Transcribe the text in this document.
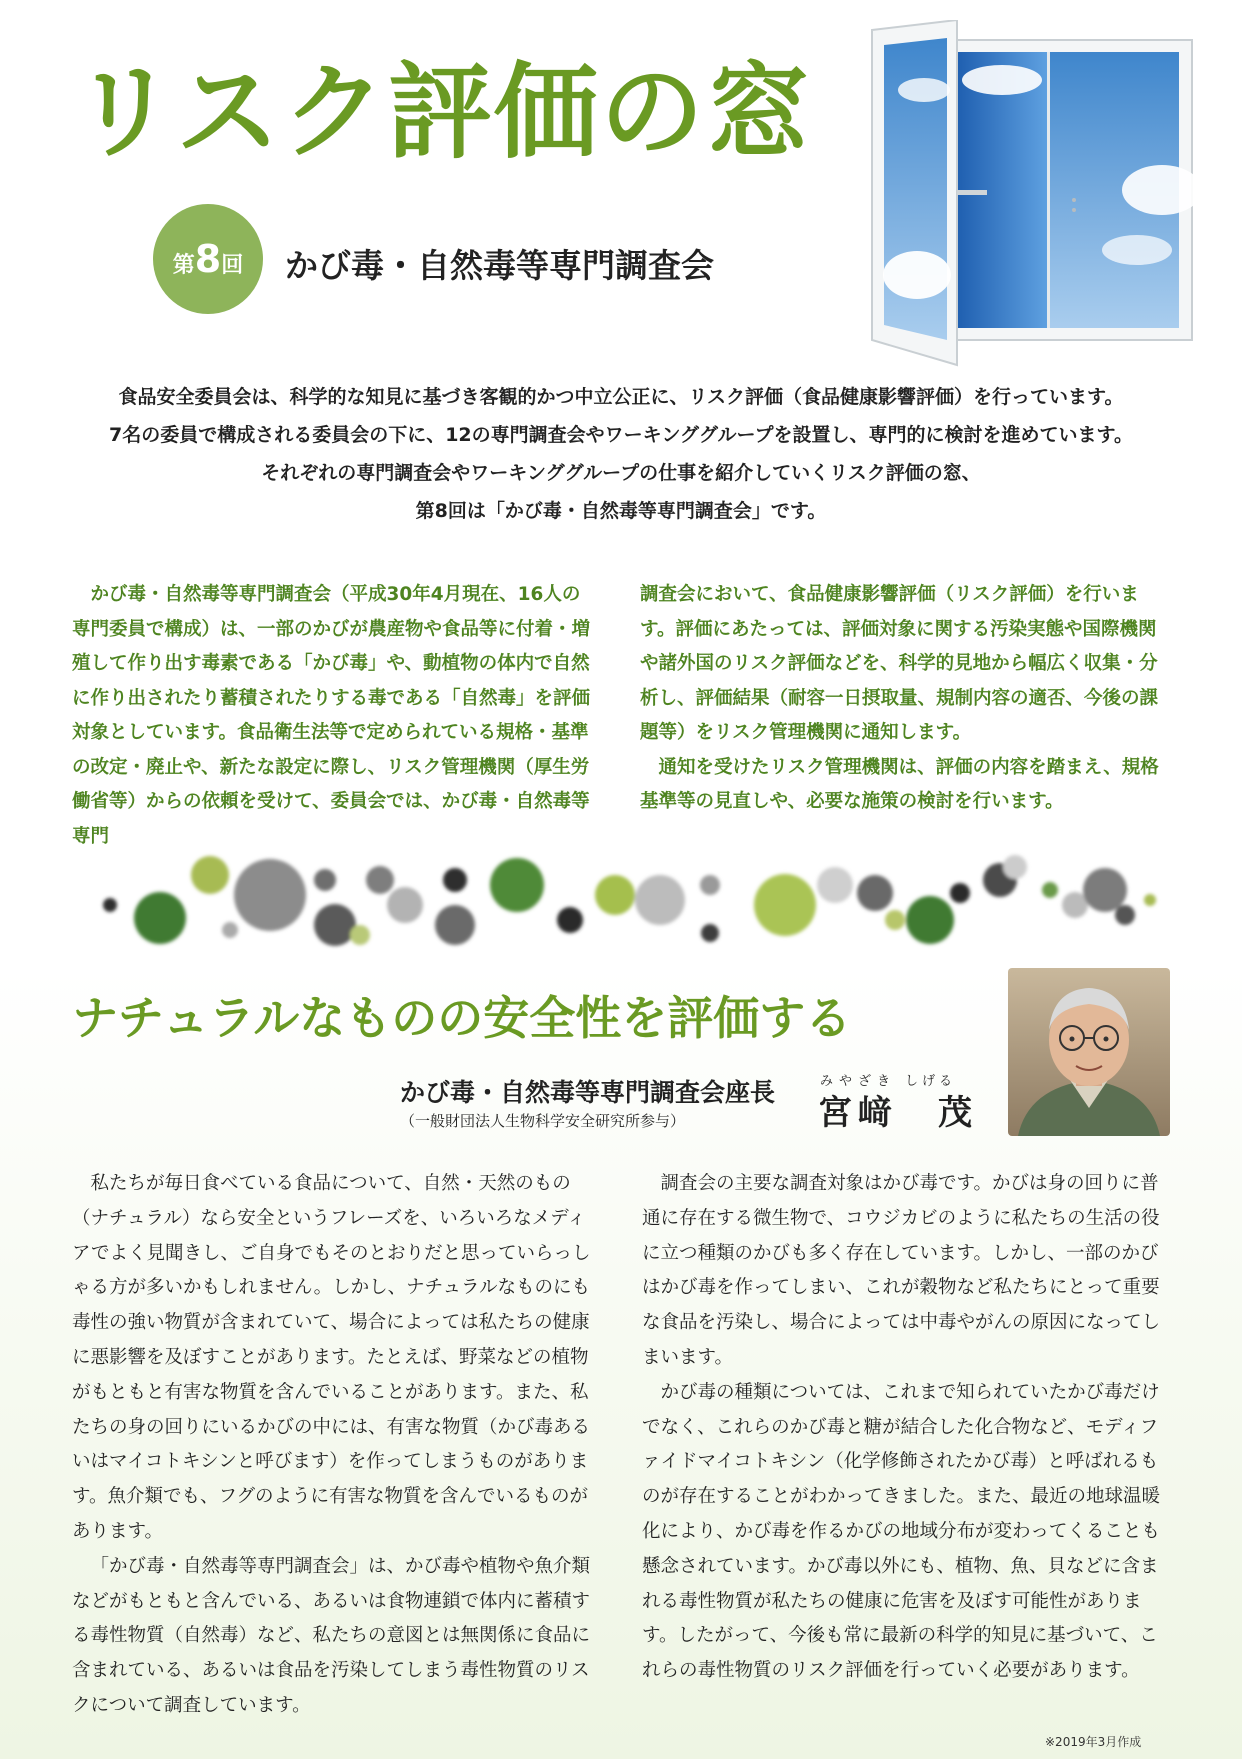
リスク評価の窓
第8回	かび毒・自然毒等専門調査会
食品安全委員会は、科学的な知見に基づき客観的かつ中立公正に、リスク評価（食品健康影響評価）を行っています。
7名の委員で構成される委員会の下に、12の専門調査会やワーキンググループを設置し、専門的に検討を進めています。
それぞれの専門調査会やワーキンググループの仕事を紹介していくリスク評価の窓、
第8回は「かび毒・自然毒等専門調査会」です。

かび毒・自然毒等専門調査会（平成30年4月現在、16人の専門委員で構成）は、一部のかびが農産物や食品等に付着・増殖して作り出す毒素である「かび毒」や、動植物の体内で自然に作り出されたり蓄積されたりする毒である「自然毒」を評価対象としています。食品衛生法等で定められている規格・基準の改定・廃止や、新たな設定に際し、リスク管理機関（厚生労働省等）からの依頼を受けて、委員会では、かび毒・自然毒等専門

調査会において、食品健康影響評価（リスク評価）を行います。評価にあたっては、評価対象に関する汚染実態や国際機関や諸外国のリスク評価などを、科学的見地から幅広く収集・分析し、評価結果（耐容一日摂取量、規制内容の適否、今後の課題等）をリスク管理機関に通知します。

通知を受けたリスク管理機関は、評価の内容を踏まえ、規格基準等の見直しや、必要な施策の検討を行います。

ナチュラルなものの安全性を評価する
かび毒・自然毒等専門調査会座長
（一般財団法人生物科学安全研究所参与）
みやざき しげる
宮﨑　茂

私たちが毎日食べている食品について、自然・天然のもの（ナチュラル）なら安全というフレーズを、いろいろなメディアでよく見聞きし、ご自身でもそのとおりだと思っていらっしゃる方が多いかもしれません。しかし、ナチュラルなものにも毒性の強い物質が含まれていて、場合によっては私たちの健康に悪影響を及ぼすことがあります。たとえば、野菜などの植物がもともと有害な物質を含んでいることがあります。また、私たちの身の回りにいるかびの中には、有害な物質（かび毒あるいはマイコトキシンと呼びます）を作ってしまうものがあります。魚介類でも、フグのように有害な物質を含んでいるものがあります。

「かび毒・自然毒等専門調査会」は、かび毒や植物や魚介類などがもともと含んでいる、あるいは食物連鎖で体内に蓄積する毒性物質（自然毒）など、私たちの意図とは無関係に食品に含まれている、あるいは食品を汚染してしまう毒性物質のリスクについて調査しています。

調査会の主要な調査対象はかび毒です。かびは身の回りに普通に存在する微生物で、コウジカビのように私たちの生活の役に立つ種類のかびも多く存在しています。しかし、一部のかびはかび毒を作ってしまい、これが穀物など私たちにとって重要な食品を汚染し、場合によっては中毒やがんの原因になってしまいます。

かび毒の種類については、これまで知られていたかび毒だけでなく、これらのかび毒と糖が結合した化合物など、モディファイドマイコトキシン（化学修飾されたかび毒）と呼ばれるものが存在することがわかってきました。また、最近の地球温暖化により、かび毒を作るかびの地域分布が変わってくることも懸念されています。かび毒以外にも、植物、魚、貝などに含まれる毒性物質が私たちの健康に危害を及ぼす可能性があります。したがって、今後も常に最新の科学的知見に基づいて、これらの毒性物質のリスク評価を行っていく必要があります。

※2019年3月作成
